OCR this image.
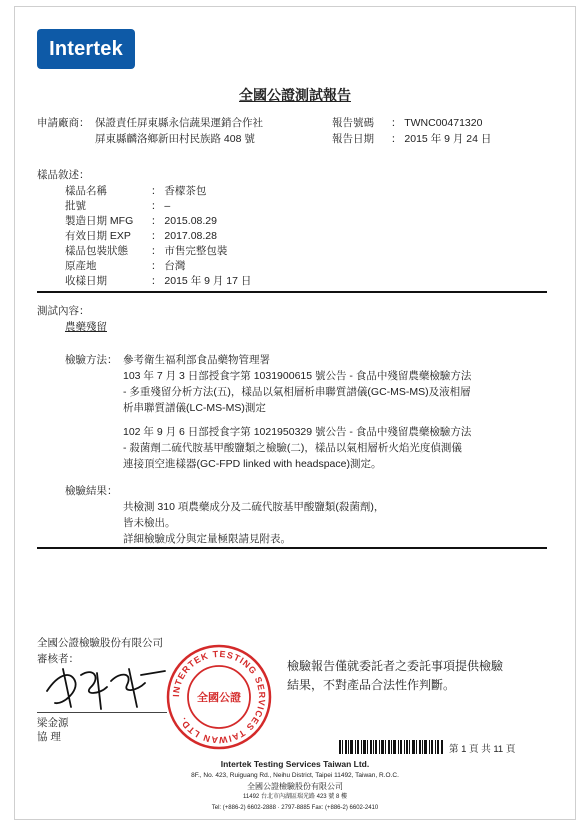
Intertek
全國公證測試報告
申請廠商： 保證責任屏東縣永信蔬果運銷合作社
屏東縣麟洛鄉新田村民族路 408 號
報告號碼 ： TWNC00471320
報告日期 ： 2015 年 9 月 24 日
樣品敘述：
樣品名稱	： 香檬茶包
批號	： –
製造日期 MFG ： 2015.08.29
有效日期 EXP ： 2017.08.28
樣品包裝狀態 ： 市售完整包裝
原產地	： 台灣
收樣日期	： 2015 年 9 月 17 日
測試內容：
農藥殘留
檢驗方法： 參考衛生福利部食品藥物管理署
103 年 7 月 3 日部授食字第 1031900615 號公告 - 食品中殘留農藥檢驗方法
- 多重殘留分析方法(五)，樣品以氣相層析串聯質譜儀(GC-MS-MS)及液相層
析串聯質譜儀(LC-MS-MS)測定
102 年 9 月 6 日部授食字第 1021950329 號公告 - 食品中殘留農藥檢驗方法
- 殺菌劑二硫代胺基甲酸鹽類之檢驗(二)，樣品以氣相層析火焰光度偵測儀
連接頂空進樣器(GC-FPD linked with headspace)測定。
檢驗結果：
共檢測 310 項農藥成分及二硫代胺基甲酸鹽類(殺菌劑)，
皆未檢出。
詳細檢驗成分與定量極限請見附表。
全國公證檢驗股份有限公司
審核者：
梁金源
協 理
INTERTEK TESTING SERVICES TAIWAN LTD.
全國公證
檢驗報告僅就委託者之委託事項提供檢驗
結果，不對產品合法性作判斷。
第 1 頁 共 11 頁
Intertek Testing Services Taiwan Ltd.
8F., No. 423, Ruiguang Rd., Neihu District, Taipei 11492, Taiwan, R.O.C.
全國公證檢驗股份有限公司
11492 台北市內湖區瑞光路 423 號 8 樓
Tel: (+886-2) 6602-2888 · 2797-8885 Fax: (+886-2) 6602-2410
